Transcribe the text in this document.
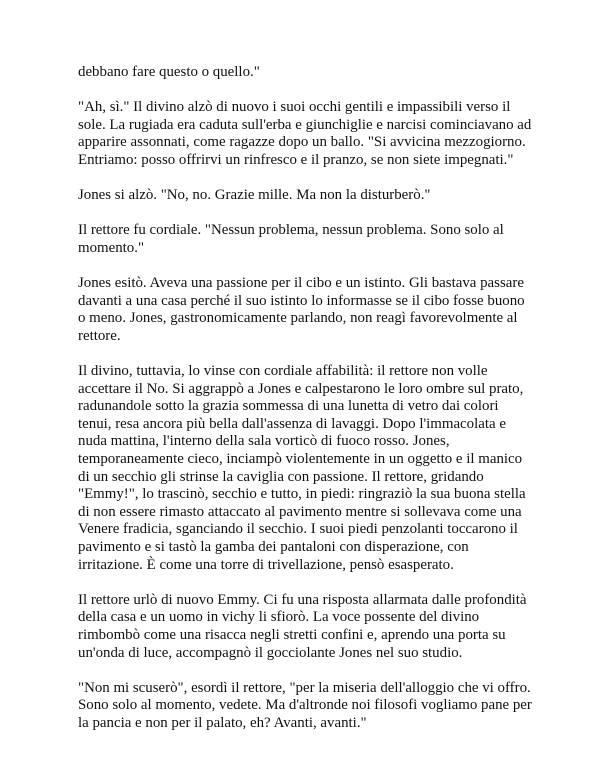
debbano fare questo o quello."

"Ah, sì." Il divino alzò di nuovo i suoi occhi gentili e impassibili verso il
sole. La rugiada era caduta sull'erba e giunchiglie e narcisi cominciavano ad
apparire assonnati, come ragazze dopo un ballo. "Si avvicina mezzogiorno.
Entriamo: posso offrirvi un rinfresco e il pranzo, se non siete impegnati."

Jones si alzò. "No, no. Grazie mille. Ma non la disturberò."

Il rettore fu cordiale. "Nessun problema, nessun problema. Sono solo al
momento."

Jones esitò. Aveva una passione per il cibo e un istinto. Gli bastava passare
davanti a una casa perché il suo istinto lo informasse se il cibo fosse buono
o meno. Jones, gastronomicamente parlando, non reagì favorevolmente al
rettore.

Il divino, tuttavia, lo vinse con cordiale affabilità: il rettore non volle
accettare il No. Si aggrappò a Jones e calpestarono le loro ombre sul prato,
radunandole sotto la grazia sommessa di una lunetta di vetro dai colori
tenui, resa ancora più bella dall'assenza di lavaggi. Dopo l'immacolata e
nuda mattina, l'interno della sala vorticò di fuoco rosso. Jones,
temporaneamente cieco, inciampò violentemente in un oggetto e il manico
di un secchio gli strinse la caviglia con passione. Il rettore, gridando
"Emmy!", lo trascinò, secchio e tutto, in piedi: ringraziò la sua buona stella
di non essere rimasto attaccato al pavimento mentre si sollevava come una
Venere fradicia, sganciando il secchio. I suoi piedi penzolanti toccarono il
pavimento e si tastò la gamba dei pantaloni con disperazione, con
irritazione. È come una torre di trivellazione, pensò esasperato.

Il rettore urlò di nuovo Emmy. Ci fu una risposta allarmata dalle profondità
della casa e un uomo in vichy li sfiorò. La voce possente del divino
rimbombò come una risacca negli stretti confini e, aprendo una porta su
un'onda di luce, accompagnò il gocciolante Jones nel suo studio.

"Non mi scuserò", esordì il rettore, "per la miseria dell'alloggio che vi offro.
Sono solo al momento, vedete. Ma d'altronde noi filosofi vogliamo pane per
la pancia e non per il palato, eh? Avanti, avanti."
